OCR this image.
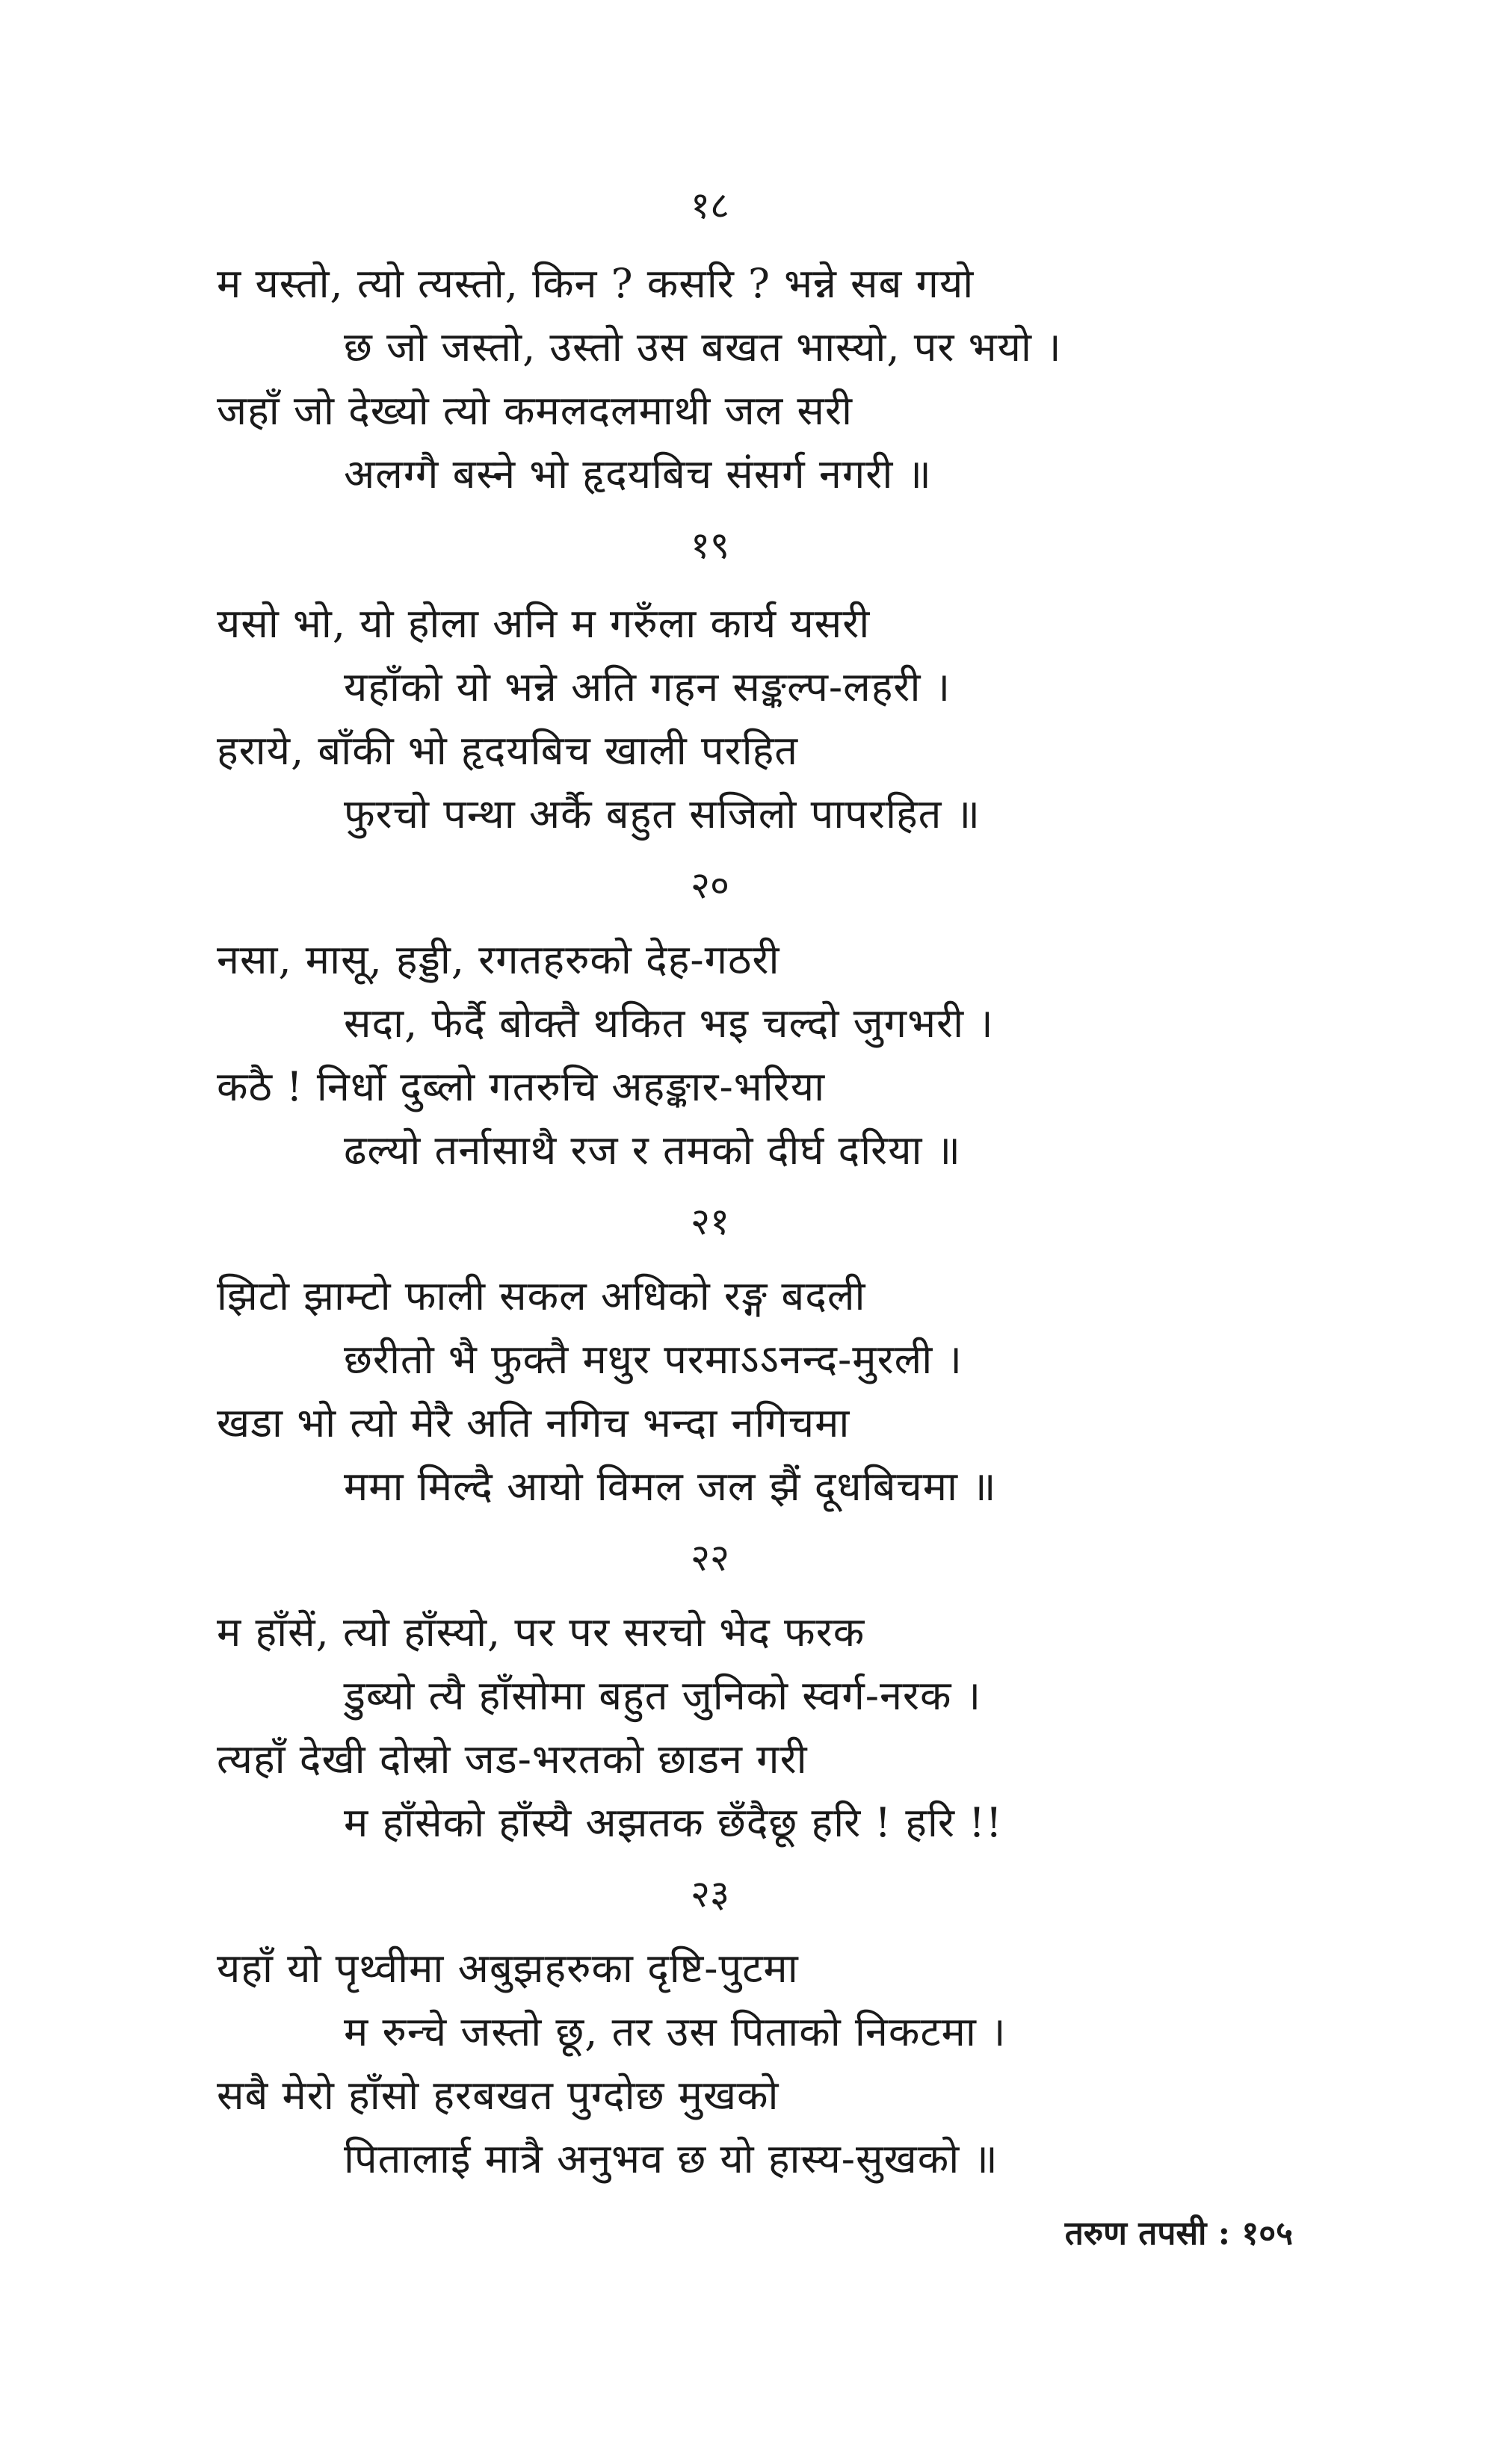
१८
म यस्तो, त्यो त्यस्तो, किन ? कसरि ? भन्ने सब गयो
छ जो जस्तो, उस्तो उस बखत भास्यो, पर भयो ।
जहाँ जो देख्यो त्यो कमलदलमाथी जल सरी
अलग्गै बस्ने भो हृदयबिच संसर्ग नगरी ॥
१९
यसो भो, यो होला अनि म गरुँला कार्य यसरी
यहाँको यो भन्ने अति गहन सङ्कल्प-लहरी ।
हराये, बाँकी भो हृदयबिच खाली परहित
फुरचो पन्था अर्कै बहुत सजिलो पापरहित ॥
२०
नसा, मासू, हड्डी, रगतहरुको देह-गठरी
सदा, फेर्दै बोक्तै थकित भइ चल्दो जुगभरी ।
कठै ! निर्धो दुब्लो गतरुचि अहङ्कार-भरिया
ढल्यो तर्नासाथै रज र तमको दीर्घ दरिया ॥
२१
झिटो झाम्टो फाली सकल अधिको रङ्ग बदली
छरीतो भै फुक्तै मधुर परमाऽऽनन्द-मुरली ।
खडा भो त्यो मेरै अति नगिच भन्दा नगिचमा
ममा मिल्दै आयो विमल जल झैं दूधबिचमा ॥
२२
म हाँसें, त्यो हाँस्यो, पर पर सरचो भेद फरक
डुब्यो त्यै हाँसोमा बहुत जुनिको स्वर्ग-नरक ।
त्यहाँ देखी दोस्रो जड-भरतको छाडन गरी
म हाँसेको हाँस्यै अझतक छँदैछू हरि ! हरि !!
२३
यहाँ यो पृथ्वीमा अबुझहरुका दृष्टि-पुटमा
म रुन्चे जस्तो छू, तर उस पिताको निकटमा ।
सबै मेरो हाँसो हरबखत पुग्दोछ मुखको
पितालाई मात्रै अनुभव छ यो हास्य-सुखको ॥
तरुण तपसी : १०५
